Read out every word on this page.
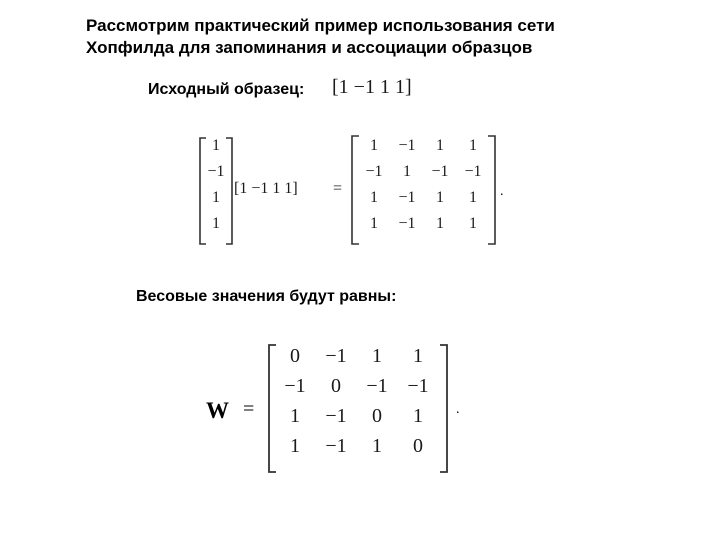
Рассмотрим практический пример использования сети
Хопфилда для запоминания и ассоциации образцов
Исходный образец: [1 −1 1 1]
1
−1
1
1
[1 −1 1 1] =
1	−1	1	1
−1	1	−1 −1
1	−1	1	1
1	−1	1	1
.
Весовые значения будут равны:
W =
0	−1	1	1
−1	0	−1 −1
1	−1	0	1
1	−1	1	0
.
